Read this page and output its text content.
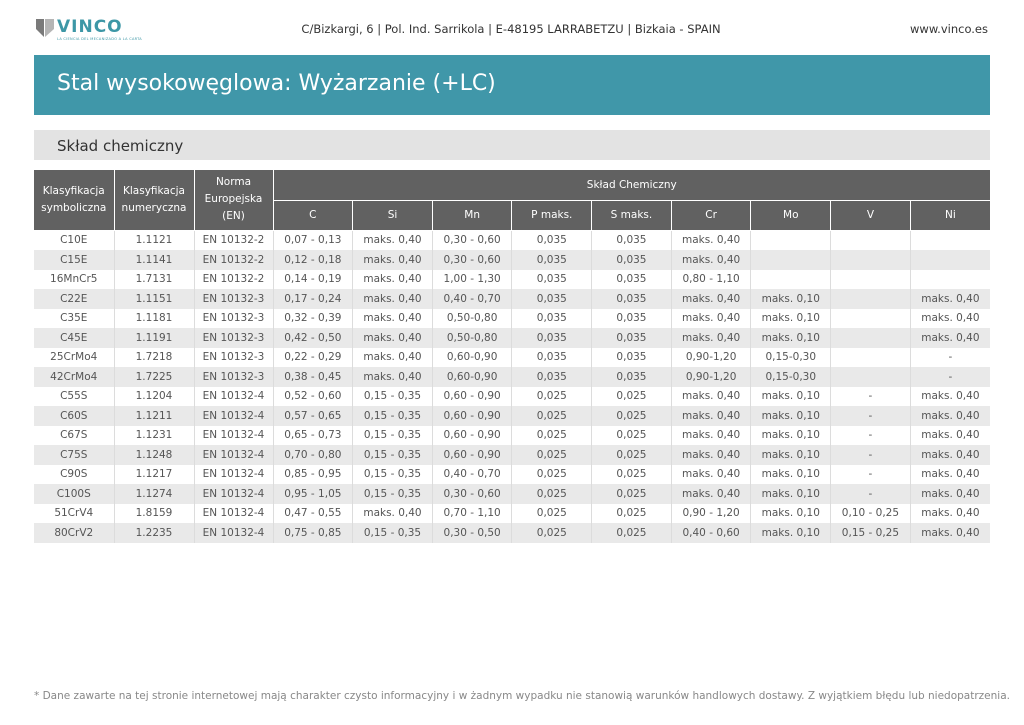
VINCO
LA CIENCIA DEL MECANIZADO A LA CARTA
C/Bizkargi, 6 | Pol. Ind. Sarrikola | E-48195 LARRABETZU | Bizkaia - SPAIN	www.vinco.es
Stal wysokowęglowa: Wyżarzanie (+LC)
Skład chemiczny
Klasyfikacja symboliczna	Klasyfikacja numeryczna	Norma Europejska (EN)	Skład Chemiczny								
			C	Si	Mn	P maks.	S maks.	Cr	Mo	V	Ni
C10E	1.1121	EN 10132-2	0,07 - 0,13	maks. 0,40	0,30 - 0,60	0,035	0,035	maks. 0,40			
C15E	1.1141	EN 10132-2	0,12 - 0,18	maks. 0,40	0,30 - 0,60	0,035	0,035	maks. 0,40			
16MnCr5	1.7131	EN 10132-2	0,14 - 0,19	maks. 0,40	1,00 - 1,30	0,035	0,035	0,80 - 1,10			
C22E	1.1151	EN 10132-3	0,17 - 0,24	maks. 0,40	0,40 - 0,70	0,035	0,035	maks. 0,40	maks. 0,10		maks. 0,40
C35E	1.1181	EN 10132-3	0,32 - 0,39	maks. 0,40	0,50-0,80	0,035	0,035	maks. 0,40	maks. 0,10		maks. 0,40
C45E	1.1191	EN 10132-3	0,42 - 0,50	maks. 0,40	0,50-0,80	0,035	0,035	maks. 0,40	maks. 0,10		maks. 0,40
25CrMo4	1.7218	EN 10132-3	0,22 - 0,29	maks. 0,40	0,60-0,90	0,035	0,035	0,90-1,20	0,15-0,30		-
42CrMo4	1.7225	EN 10132-3	0,38 - 0,45	maks. 0,40	0,60-0,90	0,035	0,035	0,90-1,20	0,15-0,30		-
C55S	1.1204	EN 10132-4	0,52 - 0,60	0,15 - 0,35	0,60 - 0,90	0,025	0,025	maks. 0,40	maks. 0,10	-	maks. 0,40
C60S	1.1211	EN 10132-4	0,57 - 0,65	0,15 - 0,35	0,60 - 0,90	0,025	0,025	maks. 0,40	maks. 0,10	-	maks. 0,40
C67S	1.1231	EN 10132-4	0,65 - 0,73	0,15 - 0,35	0,60 - 0,90	0,025	0,025	maks. 0,40	maks. 0,10	-	maks. 0,40
C75S	1.1248	EN 10132-4	0,70 - 0,80	0,15 - 0,35	0,60 - 0,90	0,025	0,025	maks. 0,40	maks. 0,10	-	maks. 0,40
C90S	1.1217	EN 10132-4	0,85 - 0,95	0,15 - 0,35	0,40 - 0,70	0,025	0,025	maks. 0,40	maks. 0,10	-	maks. 0,40
C100S	1.1274	EN 10132-4	0,95 - 1,05	0,15 - 0,35	0,30 - 0,60	0,025	0,025	maks. 0,40	maks. 0,10	-	maks. 0,40
51CrV4	1.8159	EN 10132-4	0,47 - 0,55	maks. 0,40	0,70 - 1,10	0,025	0,025	0,90 - 1,20	maks. 0,10	0,10 - 0,25	maks. 0,40
80CrV2	1.2235	EN 10132-4	0,75 - 0,85	0,15 - 0,35	0,30 - 0,50	0,025	0,025	0,40 - 0,60	maks. 0,10	0,15 - 0,25	maks. 0,40
* Dane zawarte na tej stronie internetowej mają charakter czysto informacyjny i w żadnym wypadku nie stanowią warunków handlowych dostawy. Z wyjątkiem błędu lub niedopatrzenia.
